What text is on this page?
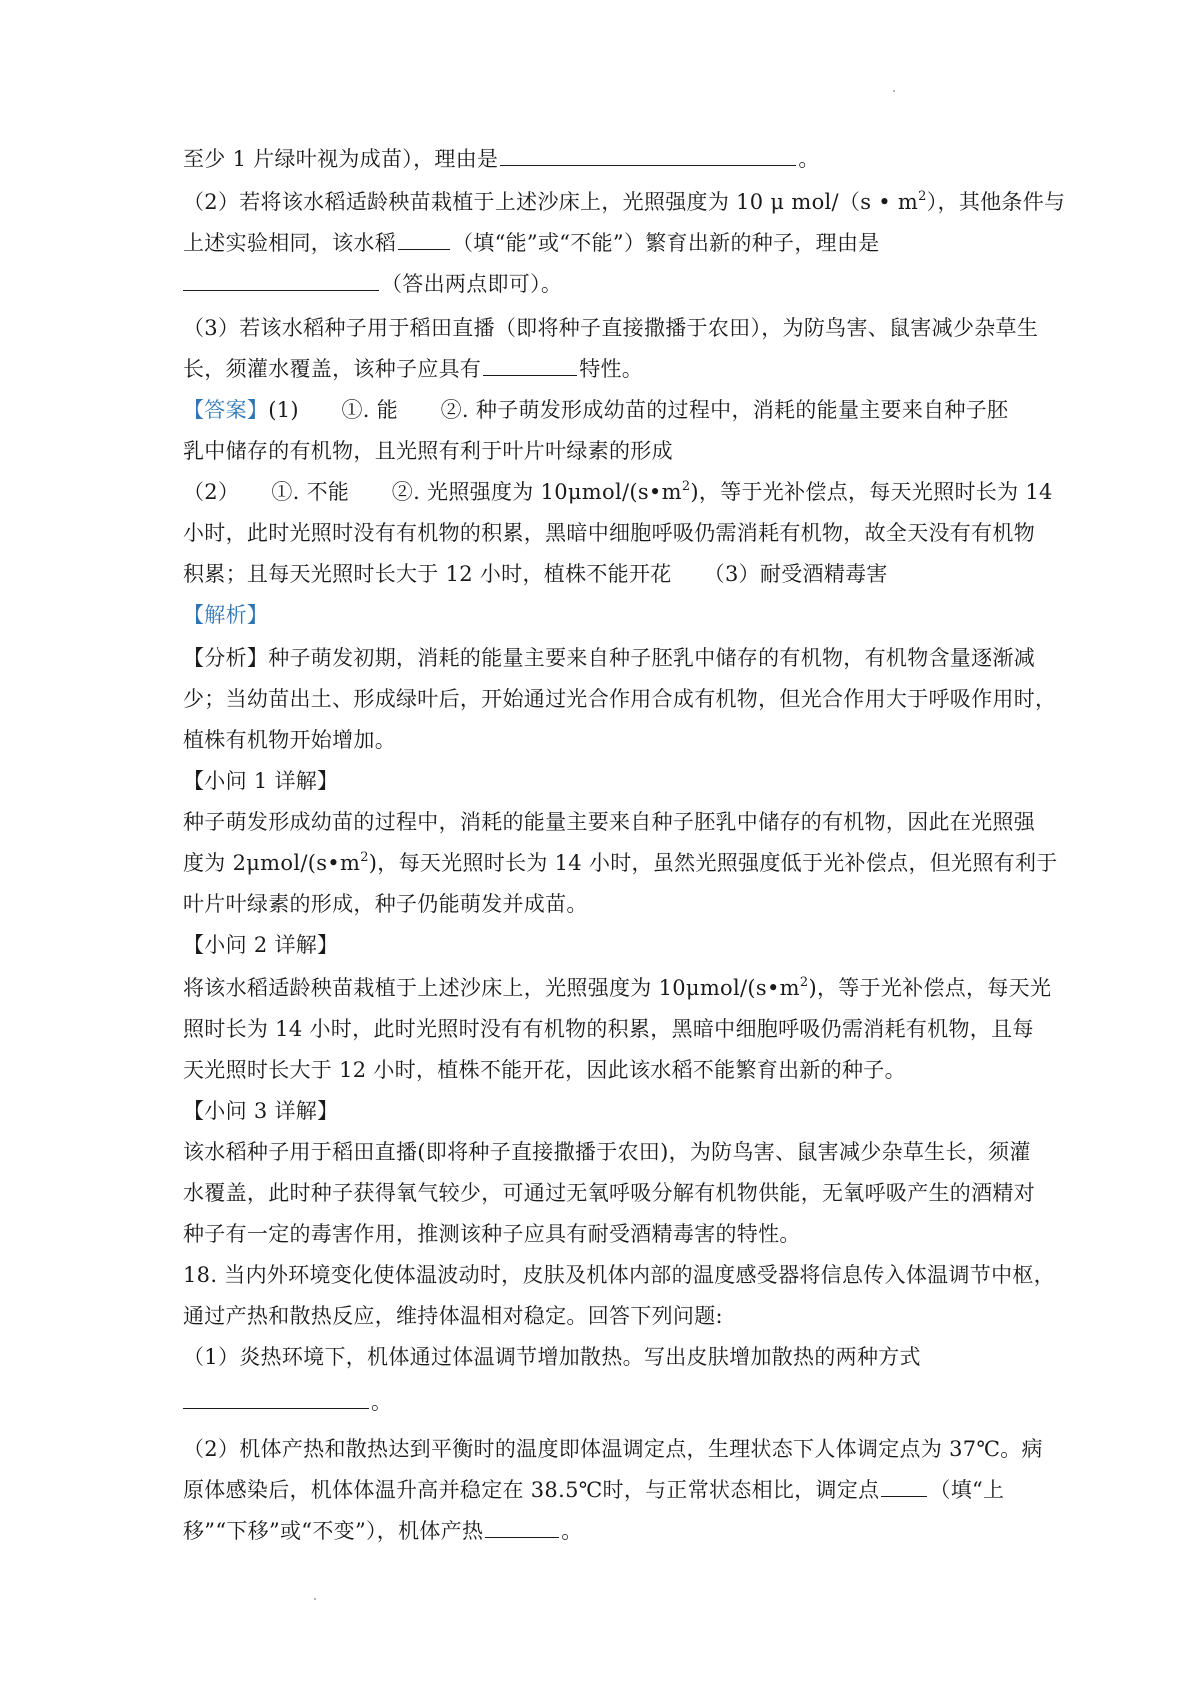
至少 1 片绿叶视为成苗），理由是	。
（2）若将该水稻适龄秧苗栽植于上述沙床上，光照强度为 10 μ mol/（s • $m^2$），其他条件与
上述实验相同，该水稻	（填“能”或“不能”）繁育出新的种子，理由是
（答出两点即可）。
（3）若该水稻种子用于稻田直播（即将种子直接撒播于农田），为防鸟害、鼠害减少杂草生
长，须灌水覆盖，该种子应具有	特性。
【答案】(1)　　①. 能　　②. 种子萌发形成幼苗的过程中，消耗的能量主要来自种子胚
乳中储存的有机物，且光照有利于叶片叶绿素的形成
（2）　　①. 不能　　②. 光照强度为 $10\mu mol/(s•m^2)$，等于光补偿点，每天光照时长为 14
小时，此时光照时没有有机物的积累，黑暗中细胞呼吸仍需消耗有机物，故全天没有有机物
积累；且每天光照时长大于 12 小时，植株不能开花　　（3）耐受酒精毒害
【解析】
【分析】种子萌发初期，消耗的能量主要来自种子胚乳中储存的有机物，有机物含量逐渐减
少；当幼苗出土、形成绿叶后，开始通过光合作用合成有机物，但光合作用大于呼吸作用时，
植株有机物开始增加。
【小问 1 详解】
种子萌发形成幼苗的过程中，消耗的能量主要来自种子胚乳中储存的有机物，因此在光照强
度为 $2\mu mol/(s•m^2)$，每天光照时长为 14 小时，虽然光照强度低于光补偿点，但光照有利于
叶片叶绿素的形成，种子仍能萌发并成苗。
【小问 2 详解】
将该水稻适龄秧苗栽植于上述沙床上，光照强度为 $10\mu mol/(s•m^2)$，等于光补偿点，每天光
照时长为 14 小时，此时光照时没有有机物的积累，黑暗中细胞呼吸仍需消耗有机物，且每
天光照时长大于 12 小时，植株不能开花，因此该水稻不能繁育出新的种子。
【小问 3 详解】
该水稻种子用于稻田直播(即将种子直接撒播于农田)，为防鸟害、鼠害减少杂草生长，须灌
水覆盖，此时种子获得氧气较少，可通过无氧呼吸分解有机物供能，无氧呼吸产生的酒精对
种子有一定的毒害作用，推测该种子应具有耐受酒精毒害的特性。
18. 当内外环境变化使体温波动时，皮肤及机体内部的温度感受器将信息传入体温调节中枢，
通过产热和散热反应，维持体温相对稳定。回答下列问题:
（1）炎热环境下，机体通过体温调节增加散热。写出皮肤增加散热的两种方式
。
（2）机体产热和散热达到平衡时的温度即体温调定点，生理状态下人体调定点为 37℃。病
原体感染后，机体体温升高并稳定在 38.5℃时，与正常状态相比，调定点 （填“上
移”“下移”或“不变”），机体产热	。
